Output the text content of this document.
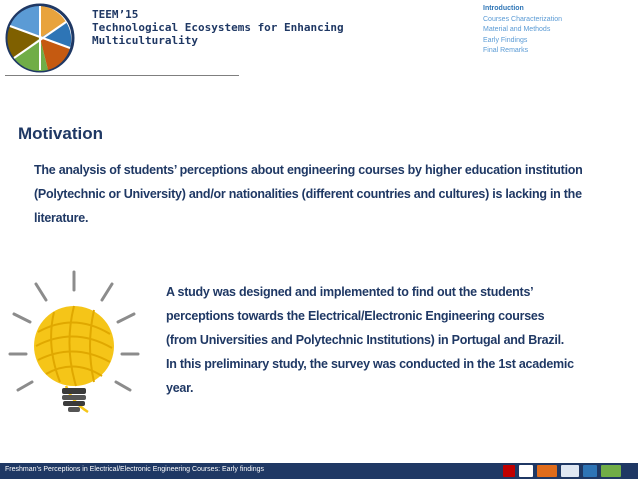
TEEM’15
Technological Ecosystems for Enhancing
Multiculturality
Introduction
Courses Characterization
Material and Methods
Early Findings
Final Remarks
Motivation
The analysis of students’ perceptions about engineering courses by higher education institution (Polytechnic or University) and/or nationalities (different countries and cultures) is lacking in the literature.
A study was designed and implemented to find out the students’
perceptions towards the Electrical/Electronic Engineering courses
(from Universities and Polytechnic Institutions) in Portugal and Brazil.
In this preliminary study, the survey was conducted in the 1st academic
year.
Freshman’s Perceptions in Electrical/Electronic Engineering Courses: Early findings
